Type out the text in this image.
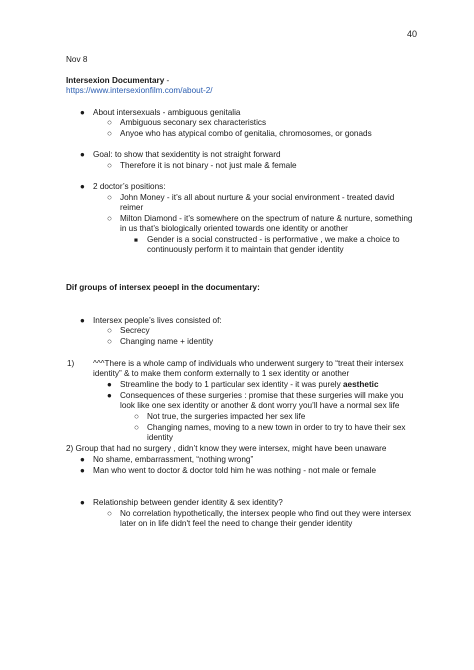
40
Nov 8
Intersexion Documentary -
https://www.intersexionfilm.com/about-2/
● About intersexuals - ambiguous genitalia
○ Ambiguous seconary sex characteristics
○ Anyoe who has atypical combo of genitalia, chromosomes, or gonads
● Goal: to show that sexidentity is not straight forward
○ Therefore it is not binary - not just male & female
● 2 doctor’s positions:
○ John Money - it’s all about nurture & your social environment - treated david
reimer
○ Milton Diamond - it’s somewhere on the spectrum of nature & nurture, something
in us that’s biologically oriented towards one identity or another
■ Gender is a social constructed - is performative , we make a choice to
continuously perform it to maintain that gender identity
Dif groups of intersex peoepl in the documentary:
● Intersex people’s lives consisted of:
○ Secrecy
○ Changing name + identity
1) ^^^There is a whole camp of individuals who underwent surgery to “treat their intersex
identity” & to make them conform externally to 1 sex identity or another
● Streamline the body to 1 particular sex identity - it was purely aesthetic
● Consequences of these surgeries : promise that these surgeries will make you
look like one sex identity or another & dont worry you’ll have a normal sex life
○ Not true, the surgeries impacted her sex life
○ Changing names, moving to a new town in order to try to have their sex
identity
2) Group that had no surgery , didn’t know they were intersex, might have been unaware
● No shame, embarrassment, “nothing wrong”
● Man who went to doctor & doctor told him he was nothing - not male or female
● Relationship between gender identity & sex identity?
○ No correlation hypothetically, the intersex people who find out they were intersex
later on in life didn't feel the need to change their gender identity
